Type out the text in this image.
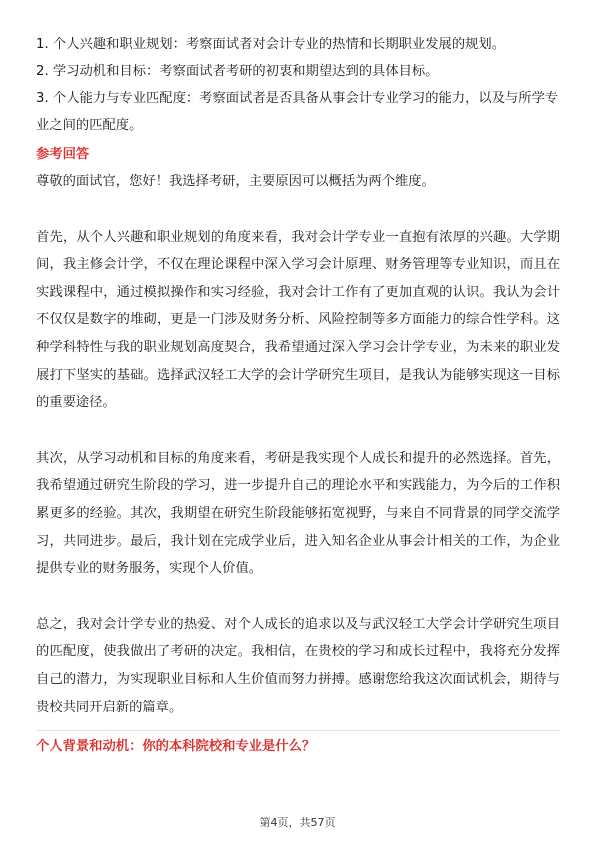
1. 个人兴趣和职业规划：考察面试者对会计专业的热情和长期职业发展的规划。

2. 学习动机和目标：考察面试者考研的初衷和期望达到的具体目标。

3. 个人能力与专业匹配度：考察面试者是否具备从事会计专业学习的能力，以及与所学专业之间的匹配度。

参考回答

尊敬的面试官，您好！我选择考研，主要原因可以概括为两个维度。

首先，从个人兴趣和职业规划的角度来看，我对会计学专业一直抱有浓厚的兴趣。大学期间，我主修会计学，不仅在理论课程中深入学习会计原理、财务管理等专业知识，而且在实践课程中，通过模拟操作和实习经验，我对会计工作有了更加直观的认识。我认为会计不仅仅是数字的堆砌，更是一门涉及财务分析、风险控制等多方面能力的综合性学科。这种学科特性与我的职业规划高度契合，我希望通过深入学习会计学专业，为未来的职业发展打下坚实的基础。选择武汉轻工大学的会计学研究生项目，是我认为能够实现这一目标的重要途径。

其次，从学习动机和目标的角度来看，考研是我实现个人成长和提升的必然选择。首先，我希望通过研究生阶段的学习，进一步提升自己的理论水平和实践能力，为今后的工作积累更多的经验。其次，我期望在研究生阶段能够拓宽视野，与来自不同背景的同学交流学习，共同进步。最后，我计划在完成学业后，进入知名企业从事会计相关的工作，为企业提供专业的财务服务，实现个人价值。

总之，我对会计学专业的热爱、对个人成长的追求以及与武汉轻工大学会计学研究生项目的匹配度，使我做出了考研的决定。我相信，在贵校的学习和成长过程中，我将充分发挥自己的潜力，为实现职业目标和人生价值而努力拼搏。感谢您给我这次面试机会，期待与贵校共同开启新的篇章。

个人背景和动机：你的本科院校和专业是什么？

第4页，共57页
